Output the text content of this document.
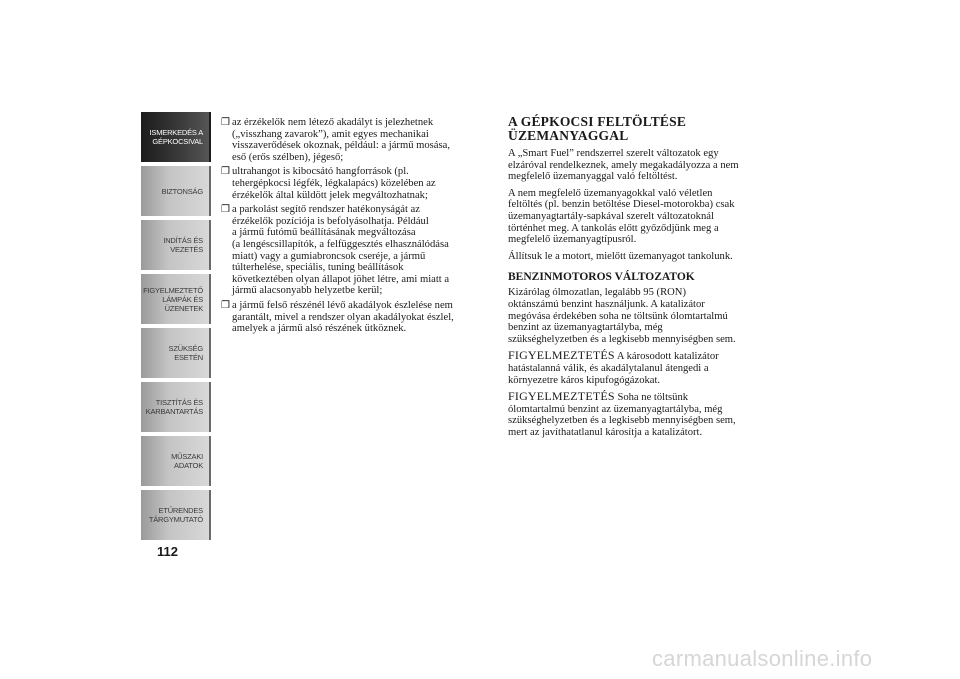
ISMERKEDÉS A
GÉPKOCSIVAL
BIZTONSÁG
INDÍTÁS ÉS
VEZETÉS
FIGYELMEZTETŐ
LÁMPÁK ÉS
ÜZENETEK
SZÜKSÉG ESETÉN
TISZTÍTÁS ÉS
KARBANTARTÁS
MŰSZAKI ADATOK
ETŰRENDES
TÁRGYMUTATÓ
112
❒ az érzékelők nem létező akadályt is jelezhetnek
(„visszhang zavarok”), amit egyes mechanikai
visszaverődések okoznak, például: a jármű mosása,
eső (erős szélben), jégeső;
❒ ultrahangot is kibocsátó hangforrások (pl.
tehergépkocsi légfék, légkalapács) közelében az
érzékelők által küldött jelek megváltozhatnak;
❒ a parkolást segítő rendszer hatékonyságát az
érzékelők pozíciója is befolyásolhatja. Például
a jármű futómű beállításának megváltozása
(a lengéscsillapítók, a felfüggesztés elhasználódása
miatt) vagy a gumiabroncsok cseréje, a jármű
túlterhelése, speciális, tuning beállítások
következtében olyan állapot jöhet létre, ami miatt a
jármű alacsonyabb helyzetbe kerül;
❒ a jármű felső részénél lévő akadályok észlelése nem
garantált, mivel a rendszer olyan akadályokat észlel,
amelyek a jármű alsó részének ütköznek.
A GÉPKOCSI FELTÖLTÉSE
ÜZEMANYAGGAL

A „Smart Fuel” rendszerrel szerelt változatok egy
elzáróval rendelkeznek, amely megakadályozza a nem
megfelelő üzemanyaggal való feltöltést.

A nem megfelelő üzemanyagokkal való véletlen
feltöltés (pl. benzin betöltése Diesel-motorokba) csak
üzemanyagtartály-sapkával szerelt változatoknál
történhet meg. A tankolás előtt győződjünk meg a
megfelelő üzemanyagtípusról.

Állítsuk le a motort, mielőtt üzemanyagot tankolunk.

BENZINMOTOROS VÁLTOZATOK

Kizárólag ólmozatlan, legalább 95 (RON)
oktánszámú benzint használjunk. A katalizátor
megóvása érdekében soha ne töltsünk ólomtartalmú
benzint az üzemanyagtartályba, még
szükséghelyzetben és a legkisebb mennyiségben sem.

FIGYELMEZTETÉS A károsodott katalizátor
hatástalanná válik, és akadálytalanul átengedi a
környezetre káros kipufogógázokat.

FIGYELMEZTETÉS Soha ne töltsünk
ólomtartalmú benzint az üzemanyagtartályba, még
szükséghelyzetben és a legkisebb mennyiségben sem,
mert az javíthatatlanul károsítja a katalizátort.

carmanualsonline.info
